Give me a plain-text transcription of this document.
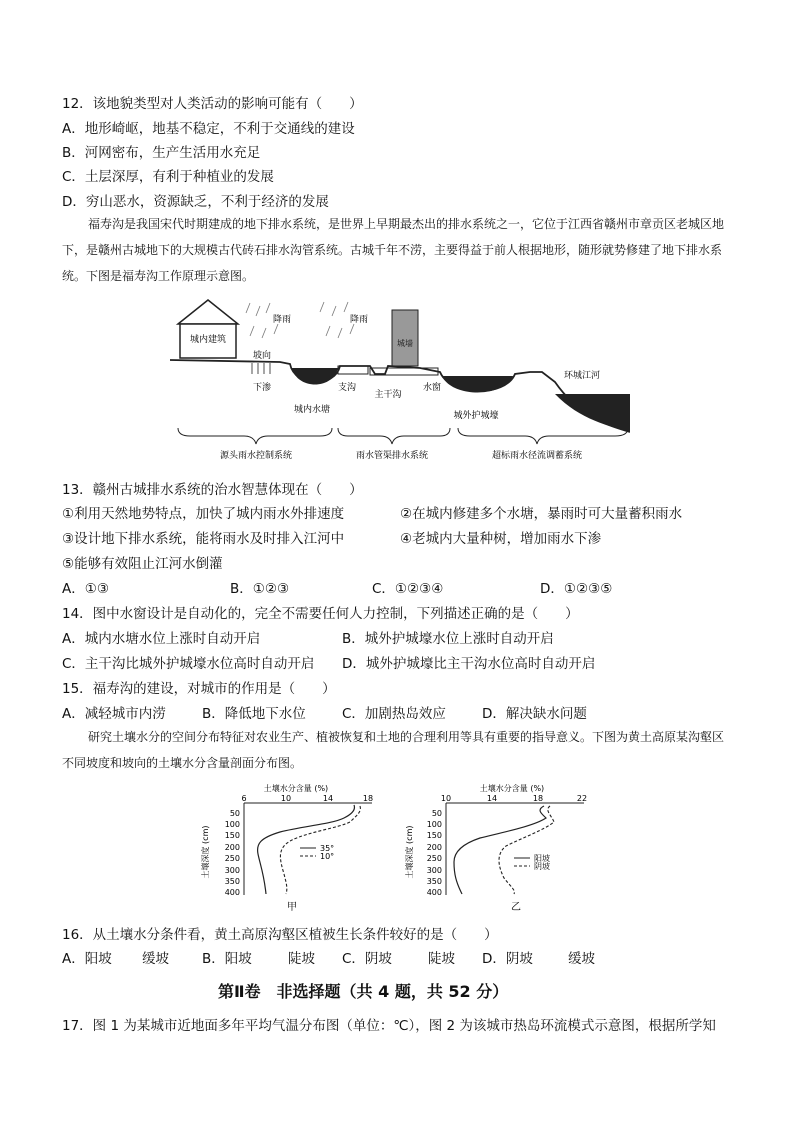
12．该地貌类型对人类活动的影响可能有（　　）
A．地形崎岖，地基不稳定，不利于交通线的建设
B．河网密布，生产生活用水充足
C．土层深厚，有利于种植业的发展
D．穷山恶水，资源缺乏，不利于经济的发展
福寿沟是我国宋代时期建成的地下排水系统，是世界上早期最杰出的排水系统之一，它位于江西省赣州市章贡区老城区地下，是赣州古城地下的大规模古代砖石排水沟管系统。古城千年不涝，主要得益于前人根据地形，随形就势修建了地下排水系统。下图是福寿沟工作原理示意图。
城内建筑
降雨	降雨
城墙
坡向
下渗
城内水塘
支沟
主干沟
水窗
城外护城壕
环城江河
源头雨水控制系统	雨水管渠排水系统	超标雨水径流调蓄系统
13．赣州古城排水系统的治水智慧体现在（　　）
①利用天然地势特点，加快了城内雨水外排速度	②在城内修建多个水塘，暴雨时可大量蓄积雨水
③设计地下排水系统，能将雨水及时排入江河中	④老城内大量种树，增加雨水下渗
⑤能够有效阻止江河水倒灌
A．①③	B．①②③	C．①②③④	D．①②③⑤
14．图中水窗设计是自动化的，完全不需要任何人力控制，下列描述正确的是（　　）
A．城内水塘水位上涨时自动开启	B．城外护城壕水位上涨时自动开启
C．主干沟比城外护城壕水位高时自动开启 D．城外护城壕比主干沟水位高时自动开启
15．福寿沟的建设，对城市的作用是（　　）
A．减轻城市内涝	B．降低地下水位	C．加剧热岛效应	D．解决缺水问题
研究土壤水分的空间分布特征对农业生产、植被恢复和土地的合理利用等具有重要的指导意义。下图为黄土高原某沟壑区不同坡度和坡向的土壤水分含量剖面分布图。
土壤水分含量 (%)
6	10	14	18
50
100
150
200
250
300
350
400
土壤深度 (cm)	35°
10°
甲
土壤水分含量 (%)
10	14	18	22
50
100
150
200
250
300
350
400
土壤深度 (cm)	阳坡
阴坡
乙
16．从土壤水分条件看，黄土高原沟壑区植被生长条件较好的是（　　）
A．阳坡 缓坡 B．阳坡	陡坡 C．阴坡	陡坡 D．阴坡	缓坡
第Ⅱ卷　非选择题（共 4 题，共 52 分）
17．图 1 为某城市近地面多年平均气温分布图（单位：℃），图 2 为该城市热岛环流模式示意图，根据所学知
